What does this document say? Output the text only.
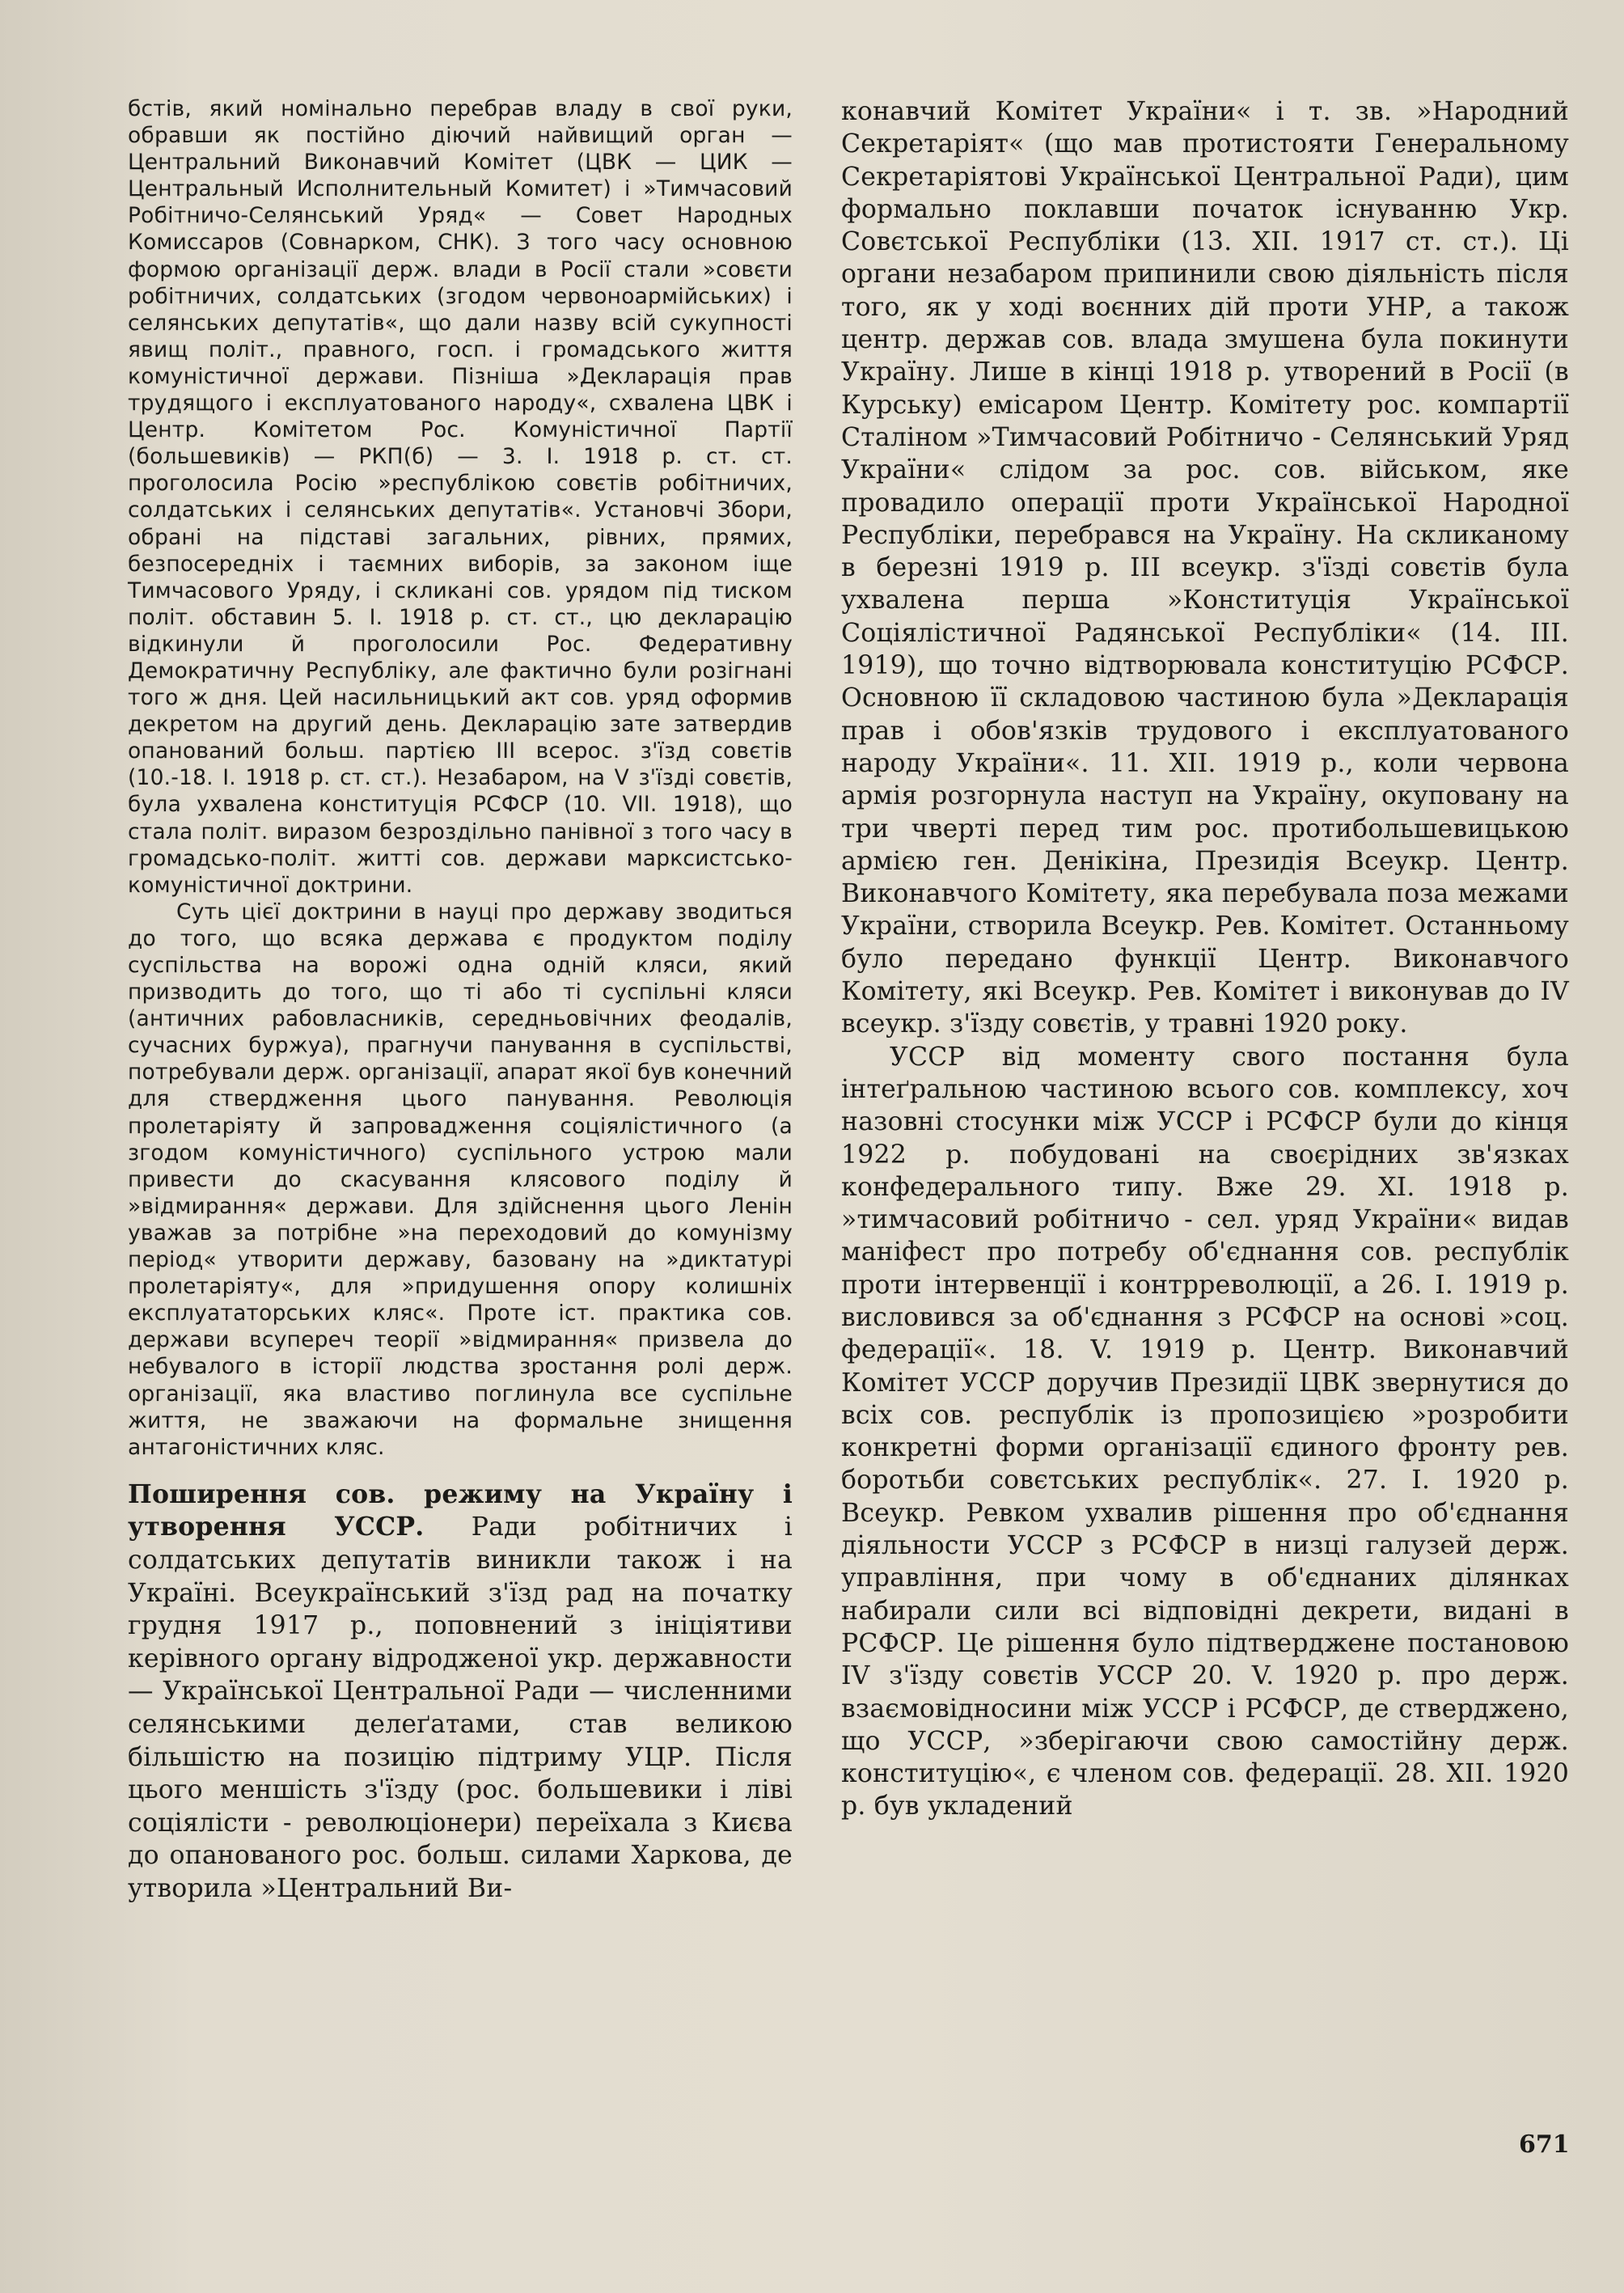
бстів, який номінально перебрав владу в свої руки, обравши як постійно діючий найвищий орган — Центральний Виконавчий Комітет (ЦВК — ЦИК — Центральный Исполнительный Комитет) і »Тимчасовий Робітничо-Селянський Уряд« — Совет Народных Комиссаров (Совнарком, СНК). З того часу основною формою організації держ. влади в Росії стали »совєти робітничих, солдатських (згодом червоноармійських) і селянських депутатів«, що дали назву всій сукупності явищ політ., правного, госп. і громадського життя комуністичної держави. Пізніша »Декларація прав трудящого і експлуатованого народу«, схвалена ЦВК і Центр. Комітетом Рос. Комуністичної Партії (большевиків) — РКП(б) — 3. І. 1918 р. ст. ст. проголосила Росію »республікою совєтів робітничих, солдатських і селянських депутатів«. Установчі Збори, обрані на підставі загальних, рівних, прямих, безпосередніх і таємних виборів, за законом іще Тимчасового Уряду, і скликані сов. урядом під тиском політ. обставин 5. І. 1918 р. ст. ст., цю декларацію відкинули й проголосили Рос. Федеративну Демократичну Республіку, але фактично були розігнані того ж дня. Цей насильницький акт сов. уряд оформив декретом на другий день. Декларацію зате затвердив опанований больш. партією III всерос. з'їзд совєтів (10.-18. І. 1918 р. ст. ст.). Незабаром, на V з'їзді совєтів, була ухвалена конституція РСФСР (10. VII. 1918), що стала політ. виразом безроздільно панівної з того часу в громадсько-політ. житті сов. держави марксистсько-комуністичної доктрини.

Суть цієї доктрини в науці про державу зводиться до того, що всяка держава є продуктом поділу суспільства на ворожі одна одній кляси, який призводить до того, що ті або ті суспільні кляси (античних рабовласників, середньовічних феодалів, сучасних буржуа), прагнучи панування в суспільстві, потребували держ. організації, апарат якої був конечний для ствердження цього панування. Революція пролетаріяту й запровадження соціялістичного (а згодом комуністичного) суспільного устрою мали привести до скасування клясового поділу й »відмирання« держави. Для здійснення цього Ленін уважав за потрібне »на переходовий до комунізму період« утворити державу, базовану на »диктатурі пролетаріяту«, для »придушення опору колишніх експлуататорських кляс«. Проте іст. практика сов. держави всупереч теорії »відмирання« призвела до небувалого в історії людства зростання ролі держ. організації, яка властиво поглинула все суспільне життя, не зважаючи на формальне знищення антагоністичних кляс.

Поширення сов. режиму на Україну і утворення УССР. Ради робітничих і солдатських депутатів виникли також і на Україні. Всеукраїнський з'їзд рад на початку грудня 1917 р., поповнений з ініціятиви керівного органу відродженої укр. державности — Української Центральної Ради — численними селянськими делеґатами, став великою більшістю на позицію підтриму УЦР. Після цього меншість з'їзду (рос. большевики і ліві соціялісти - революціонери) переїхала з Києва до опанованого рос. больш. силами Харкова, де утворила »Центральний Ви-

конавчий Комітет України« і т. зв. »Народний Секретаріят« (що мав протистояти Генеральному Секретаріятові Української Центральної Ради), цим формально поклавши початок існуванню Укр. Совєтської Республіки (13. XII. 1917 ст. ст.). Ці органи незабаром припинили свою діяльність після того, як у ході воєнних дій проти УНР, а також центр. держав сов. влада змушена була покинути Україну. Лише в кінці 1918 р. утворений в Росії (в Курську) емісаром Центр. Комітету рос. компартії Сталіном »Тимчасовий Робітничо - Селянський Уряд України« слідом за рос. сов. військом, яке провадило операції проти Української Народної Республіки, перебрався на Україну. На скликаному в березні 1919 р. III всеукр. з'їзді совєтів була ухвалена перша »Конституція Української Соціялістичної Радянської Республіки« (14. III. 1919), що точно відтворювала конституцію РСФСР. Основною її складовою частиною була »Декларація прав і обов'язків трудового і експлуатованого народу України«. 11. XII. 1919 р., коли червона армія розгорнула наступ на Україну, окуповану на три чверті перед тим рос. протибольшевицькою армією ген. Денікіна, Президія Всеукр. Центр. Виконавчого Комітету, яка перебувала поза межами України, створила Всеукр. Рев. Комітет. Останньому було передано функції Центр. Виконавчого Комітету, які Всеукр. Рев. Комітет і виконував до IV всеукр. з'їзду совєтів, у травні 1920 року.

УССР від моменту свого постання була інтеґральною частиною всього сов. комплексу, хоч назовні стосунки між УССР і РСФСР були до кінця 1922 р. побудовані на своєрідних зв'язках конфедерального типу. Вже 29. XI. 1918 р. »тимчасовий робітничо - сел. уряд України« видав маніфест про потребу об'єднання сов. республік проти інтервенції і контрреволюції, а 26. І. 1919 р. висловився за об'єднання з РСФСР на основі »соц. федерації«. 18. V. 1919 р. Центр. Виконавчий Комітет УССР доручив Президії ЦВК звернутися до всіх сов. республік із пропозицією »розробити конкретні форми організації єдиного фронту рев. боротьби совєтських республік«. 27. І. 1920 р. Всеукр. Ревком ухвалив рішення про об'єднання діяльности УССР з РСФСР в низці галузей держ. управління, при чому в об'єднаних ділянках набирали сили всі відповідні декрети, видані в РСФСР. Це рішення було підтверджене постановою IV з'їзду совєтів УССР 20. V. 1920 р. про держ. взаємовідносини між УССР і РСФСР, де стверджено, що УССР, »зберігаючи свою самостійну держ. конституцію«, є членом сов. федерації. 28. XII. 1920 р. був укладений

671
